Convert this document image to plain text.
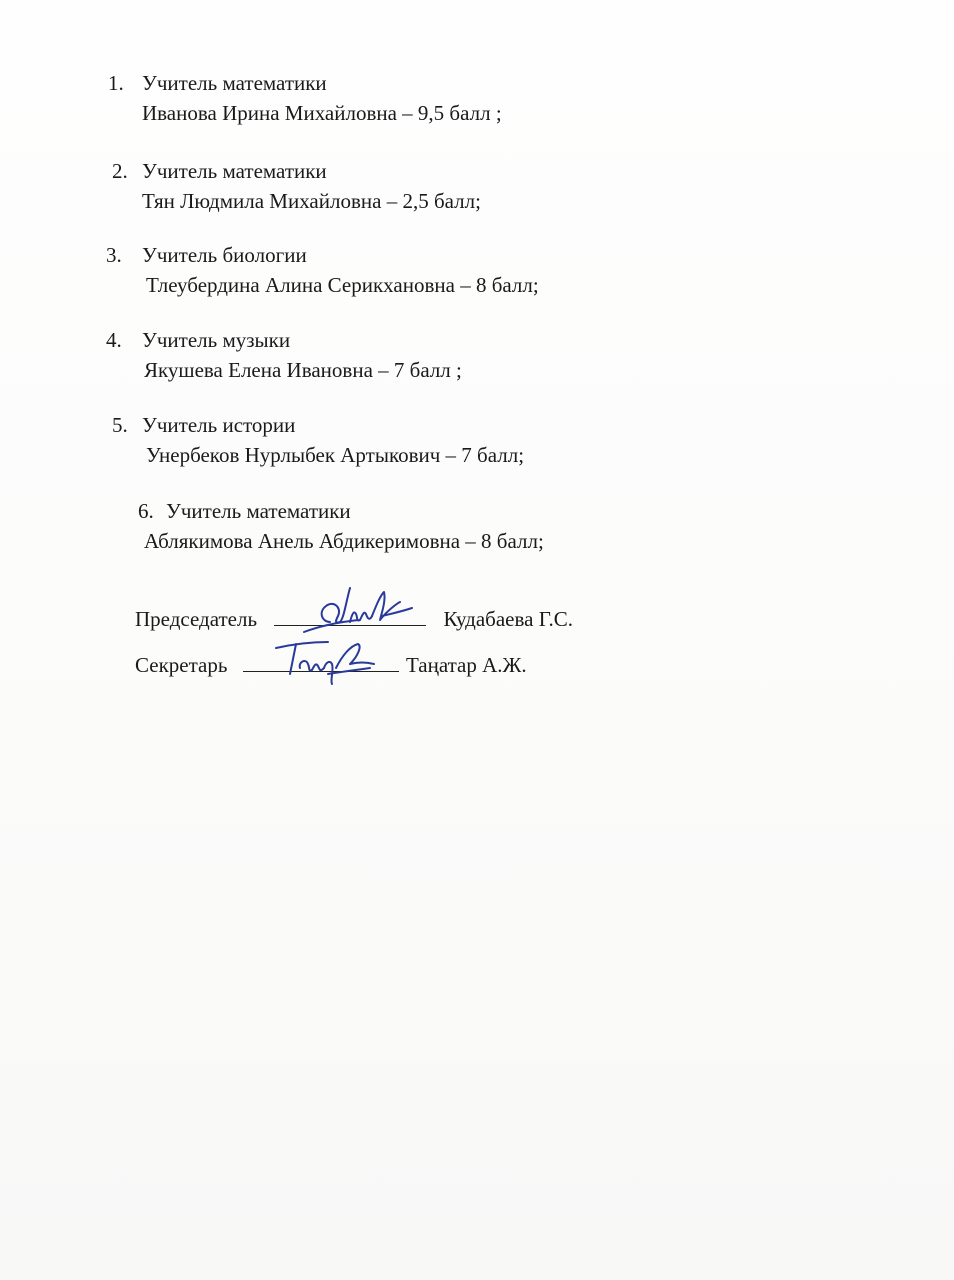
1. Учитель математики
Иванова Ирина Михайловна – 9,5 балл ;
2. Учитель математики
Тян Людмила Михайловна – 2,5 балл;
3. Учитель биологии
Тлеубердина Алина Серикхановна – 8 балл;
4. Учитель музыки
Якушева Елена Ивановна – 7 балл ;
5. Учитель истории
Унербеков Нурлыбек Артыкович – 7 балл;
6. Учитель математики
Аблякимова Анель Абдикеримовна – 8 балл;
Председатель	Кудабаева Г.С.
Секретарь	Таңатар А.Ж.
